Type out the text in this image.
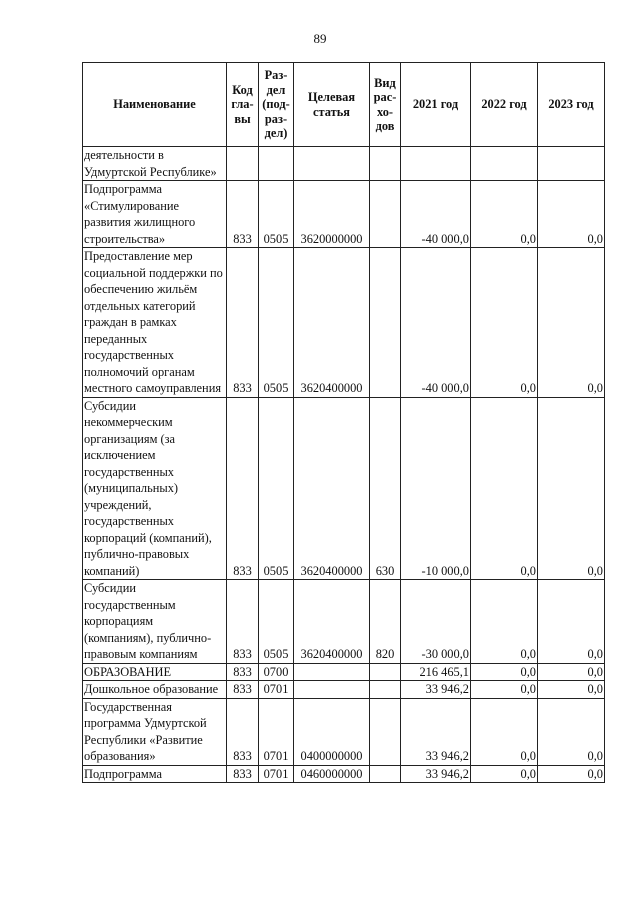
89
Наименование	Код гла- вы	Раз- дел (под- раз- дел)	Целевая статья	Вид рас- хо- дов	2021 год	2022 год	2023 год
деятельности в Удмуртской Республике»							
Подпрограмма «Стимулирование развития жилищного строительства»	833	0505	3620000000		-40 000,0	0,0	0,0
Предоставление мер социальной поддержки по обеспечению жильём отдельных категорий граждан в рамках переданных государственных полномочий органам местного самоуправления	833	0505	3620400000		-40 000,0	0,0	0,0
Субсидии некоммерческим организациям (за исключением государственных (муниципальных) учреждений, государственных корпораций (компаний), публично-правовых компаний)	833	0505	3620400000	630	-10 000,0	0,0	0,0
Субсидии государственным корпорациям (компаниям), публично-правовым компаниям	833	0505	3620400000	820	-30 000,0	0,0	0,0
ОБРАЗОВАНИЕ	833	0700			216 465,1	0,0	0,0
Дошкольное образование	833	0701			33 946,2	0,0	0,0
Государственная программа Удмуртской Республики «Развитие образования»	833	0701	0400000000		33 946,2	0,0	0,0
Подпрограмма	833	0701	0460000000		33 946,2	0,0	0,0
